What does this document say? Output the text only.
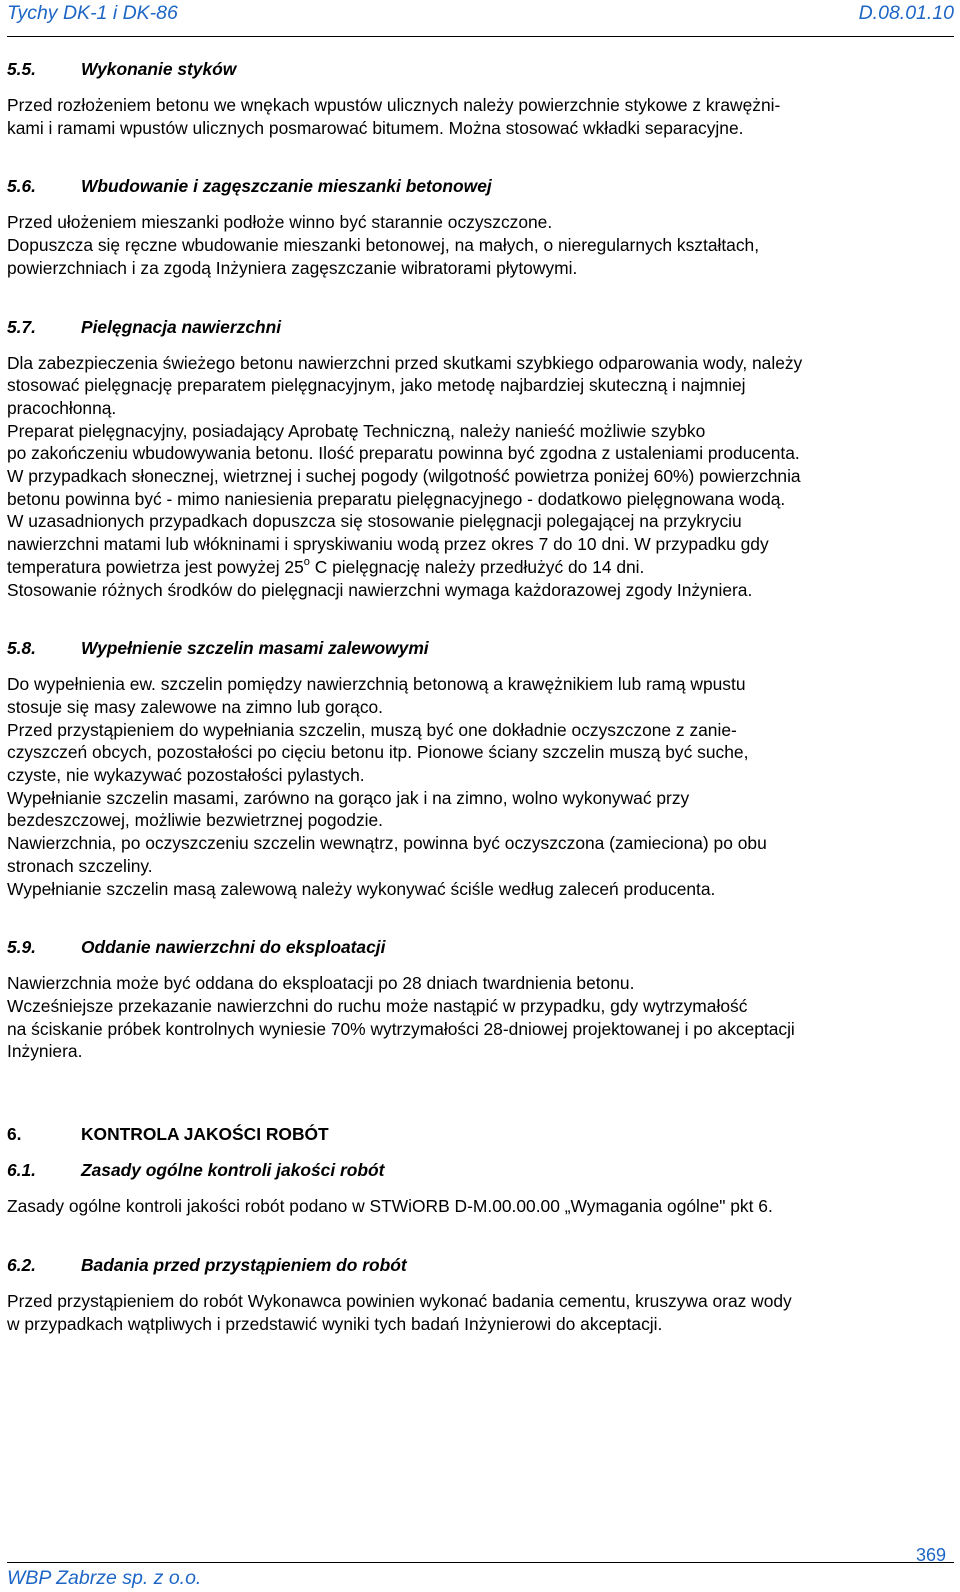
Tychy DK-1 i DK-86	D.08.01.10
5.5.	Wykonanie styków

Przed rozłożeniem betonu we wnękach wpustów ulicznych należy powierzchnie stykowe z krawężni-

kami i ramami wpustów ulicznych posmarować bitumem. Można stosować wkładki separacyjne.

5.6.	Wbudowanie i zagęszczanie mieszanki betonowej

Przed ułożeniem mieszanki podłoże winno być starannie oczyszczone.

Dopuszcza się ręczne wbudowanie mieszanki betonowej, na małych, o nieregularnych kształtach,

powierzchniach i za zgodą Inżyniera zagęszczanie wibratorami płytowymi.

5.7.	Pielęgnacja nawierzchni

Dla zabezpieczenia świeżego betonu nawierzchni przed skutkami szybkiego odparowania wody, należy

stosować pielęgnację preparatem pielęgnacyjnym, jako metodę najbardziej skuteczną i najmniej

pracochłonną.

Preparat pielęgnacyjny, posiadający Aprobatę Techniczną, należy nanieść możliwie szybko

po zakończeniu wbudowywania betonu. Ilość preparatu powinna być zgodna z ustaleniami producenta.

W przypadkach słonecznej, wietrznej i suchej pogody (wilgotność powietrza poniżej 60%) powierzchnia

betonu powinna być - mimo naniesienia preparatu pielęgnacyjnego - dodatkowo pielęgnowana wodą.

W uzasadnionych przypadkach dopuszcza się stosowanie pielęgnacji polegającej na przykryciu

nawierzchni matami lub włókninami i spryskiwaniu wodą przez okres 7 do 10 dni. W przypadku gdy

temperatura powietrza jest powyżej 25$^o$ C pielęgnację należy przedłużyć do 14 dni.

Stosowanie różnych środków do pielęgnacji nawierzchni wymaga każdorazowej zgody Inżyniera.

5.8.	Wypełnienie szczelin masami zalewowymi

Do wypełnienia ew. szczelin pomiędzy nawierzchnią betonową a krawężnikiem lub ramą wpustu

stosuje się masy zalewowe na zimno lub gorąco.

Przed przystąpieniem do wypełniania szczelin, muszą być one dokładnie oczyszczone z zanie-

czyszczeń obcych, pozostałości po cięciu betonu itp. Pionowe ściany szczelin muszą być suche,

czyste, nie wykazywać pozostałości pylastych.

Wypełnianie szczelin masami, zarówno na gorąco jak i na zimno, wolno wykonywać przy

bezdeszczowej, możliwie bezwietrznej pogodzie.

Nawierzchnia, po oczyszczeniu szczelin wewnątrz, powinna być oczyszczona (zamieciona) po obu

stronach szczeliny.

Wypełnianie szczelin masą zalewową należy wykonywać ściśle według zaleceń producenta.

5.9.	Oddanie nawierzchni do eksploatacji

Nawierzchnia może być oddana do eksploatacji po 28 dniach twardnienia betonu.

Wcześniejsze przekazanie nawierzchni do ruchu może nastąpić w przypadku, gdy wytrzymałość

na ściskanie próbek kontrolnych wyniesie 70% wytrzymałości 28-dniowej projektowanej i po akceptacji

Inżyniera.

6.	KONTROLA JAKOŚCI ROBÓT
6.1.	Zasady ogólne kontroli jakości robót

Zasady ogólne kontroli jakości robót podano w STWiORB D-M.00.00.00 „Wymagania ogólne" pkt 6.

6.2.	Badania przed przystąpieniem do robót

Przed przystąpieniem do robót Wykonawca powinien wykonać badania cementu, kruszywa oraz wody

w przypadkach wątpliwych i przedstawić wyniki tych badań Inżynierowi do akceptacji.

WBP Zabrze sp. z o.o.
369
